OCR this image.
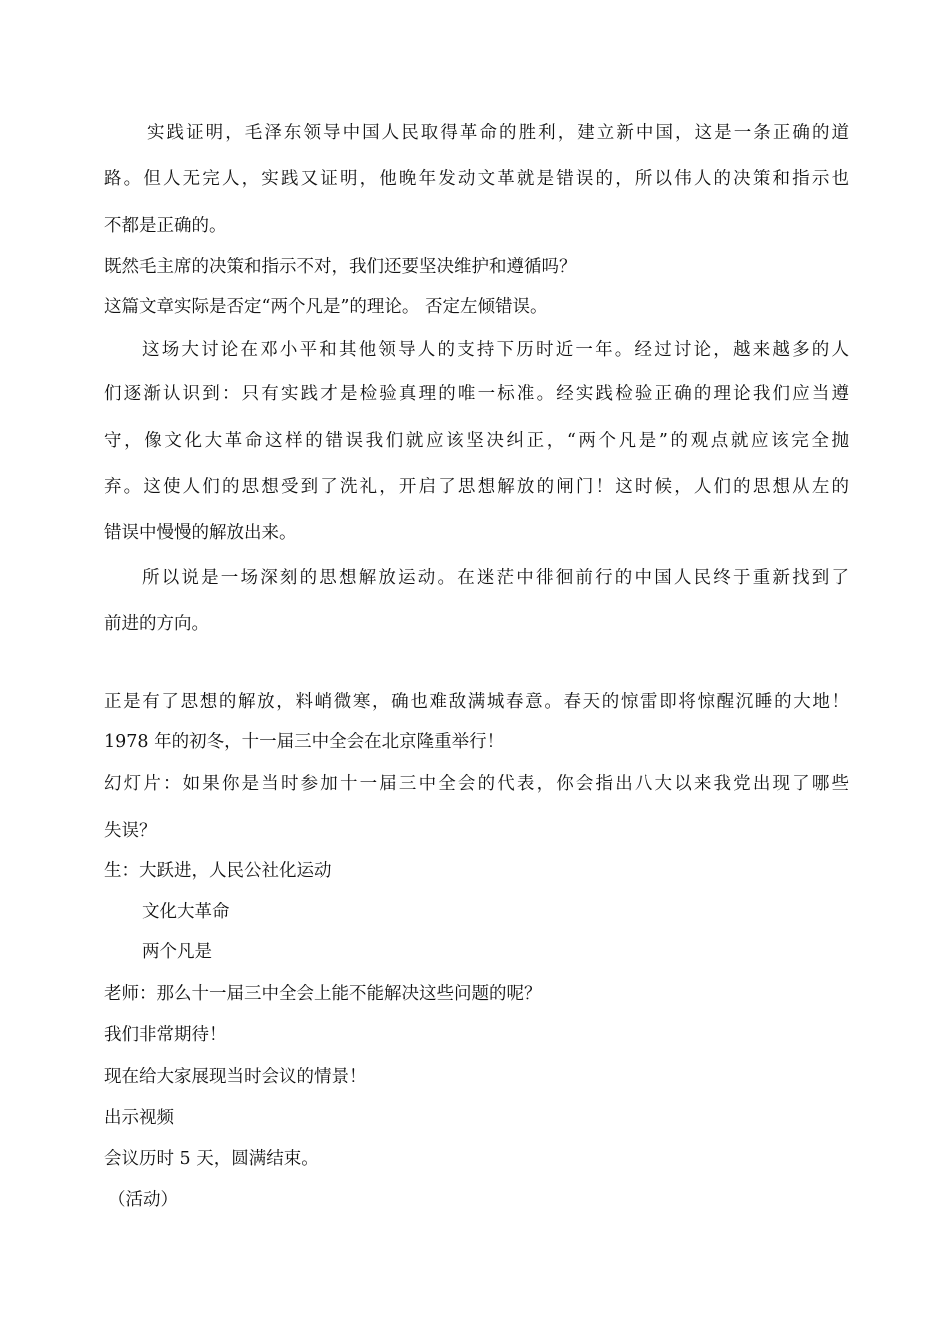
实践证明，毛泽东领导中国人民取得革命的胜利，建立新中国，这是一条正确的道
路。但人无完人，实践又证明，他晚年发动文革就是错误的，所以伟人的决策和指示也
不都是正确的。
既然毛主席的决策和指示不对，我们还要坚决维护和遵循吗？
这篇文章实际是否定“两个凡是”的理论。 否定左倾错误。
这场大讨论在邓小平和其他领导人的支持下历时近一年。经过讨论，越来越多的人
们逐渐认识到：只有实践才是检验真理的唯一标准。经实践检验正确的理论我们应当遵
守，像文化大革命这样的错误我们就应该坚决纠正，“两个凡是”的观点就应该完全抛
弃。这使人们的思想受到了洗礼，开启了思想解放的闸门！这时候，人们的思想从左的
错误中慢慢的解放出来。
所以说是一场深刻的思想解放运动。在迷茫中徘徊前行的中国人民终于重新找到了
前进的方向。
正是有了思想的解放，料峭微寒，确也难敌满城春意。春天的惊雷即将惊醒沉睡的大地！
1978 年的初冬，十一届三中全会在北京隆重举行！
幻灯片：如果你是当时参加十一届三中全会的代表，你会指出八大以来我党出现了哪些
失误？
生：大跃进，人民公社化运动
文化大革命
两个凡是
老师：那么十一届三中全会上能不能解决这些问题的呢？
我们非常期待！
现在给大家展现当时会议的情景！
出示视频
会议历时 5 天，圆满结束。
（活动）
